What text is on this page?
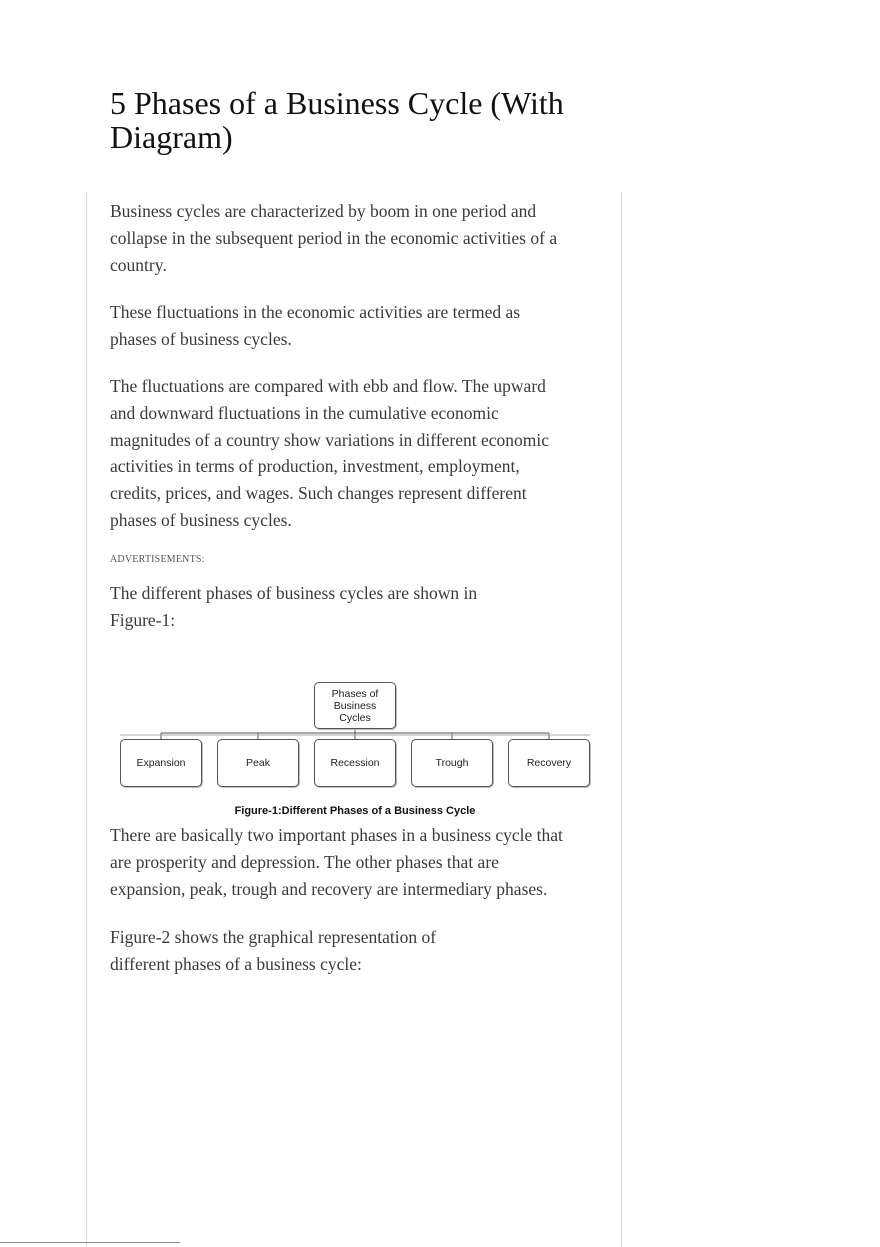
5 Phases of a Business Cycle (With Diagram)

Business cycles are characterized by boom in one period and collapse in the subsequent period in the economic activities of a country.

These fluctuations in the economic activities are termed as phases of business cycles.

The fluctuations are compared with ebb and flow. The upward and downward fluctuations in the cumulative economic magnitudes of a country show variations in different economic activities in terms of production, investment, employment, credits, prices, and wages. Such changes represent different phases of business cycles.

ADVERTISEMENTS:

The different phases of business cycles are shown in Figure-1:

Phases of Business Cycles
Expansion	Peak	Recession	Trough	Recovery

Figure-1:Different Phases of a Business Cycle

There are basically two important phases in a business cycle that are prosperity and depression. The other phases that are expansion, peak, trough and recovery are intermediary phases.

Figure-2 shows the graphical representation of different phases of a business cycle:
